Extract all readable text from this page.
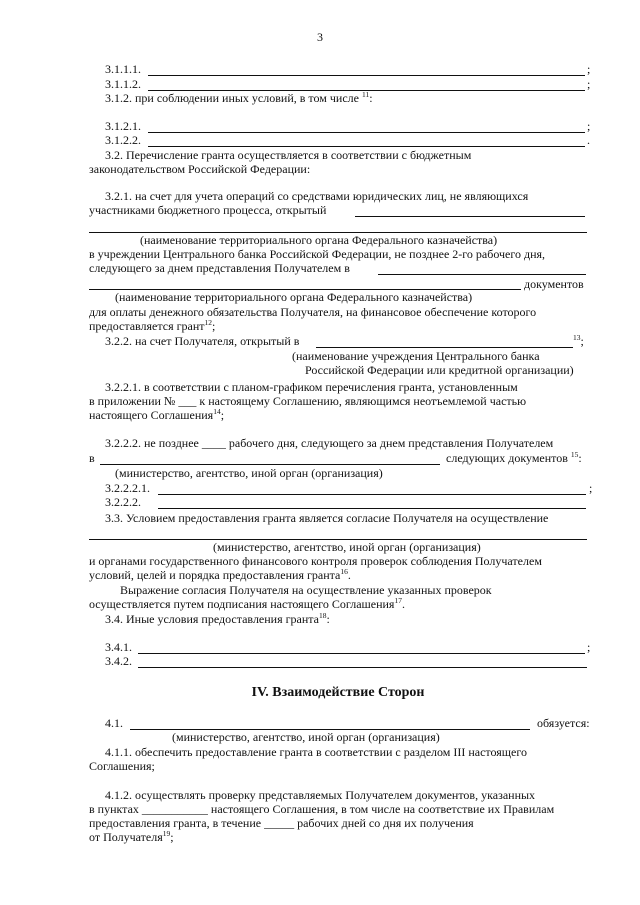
3
3.1.1.1.	;
3.1.1.2.	;
3.1.2. при соблюдении иных условий, в том числе $^{11}$:
3.1.2.1.	;
3.1.2.2.	.
3.2. Перечисление гранта осуществляется в соответствии с бюджетным
законодательством Российской Федерации:
3.2.1. на счет для учета операций со средствами юридических лиц, не являющихся
участниками бюджетного процесса, открытый
(наименование территориального органа Федерального казначейства)
в учреждении Центрального банка Российской Федерации, не позднее 2-го рабочего дня,
следующего за днем представления Получателем в
документов
(наименование территориального органа Федерального казначейства)
для оплаты денежного обязательства Получателя, на финансовое обеспечение которого
предоставляется грант$^{12}$;
3.2.2. на счет Получателя, открытый в	$^{13}$;
(наименование учреждения Центрального банка
Российской Федерации или кредитной организации)
3.2.2.1. в соответствии с планом-графиком перечисления гранта, установленным
в приложении № ___ к настоящему Соглашению, являющимся неотъемлемой частью
настоящего Соглашения$^{14}$;
3.2.2.2. не позднее ____ рабочего дня, следующего за днем представления Получателем
в	следующих документов $^{15}$:
(министерство, агентство, иной орган (организация)
3.2.2.2.1.	;
3.2.2.2.
3.3. Условием предоставления гранта является согласие Получателя на осуществление
(министерство, агентство, иной орган (организация)
и органами государственного финансового контроля проверок соблюдения Получателем
условий, целей и порядка предоставления гранта$^{16}$.
Выражение согласия Получателя на осуществление указанных проверок
осуществляется путем подписания настоящего Соглашения$^{17}$.
3.4. Иные условия предоставления гранта$^{18}$:
3.4.1.	;
3.4.2.
IV. Взаимодействие Сторон
4.1.	обязуется:
(министерство, агентство, иной орган (организация)
4.1.1. обеспечить предоставление гранта в соответствии с разделом III настоящего
Соглашения;
4.1.2. осуществлять проверку представляемых Получателем документов, указанных
в пунктах ___________ настоящего Соглашения, в том числе на соответствие их Правилам
предоставления гранта, в течение _____ рабочих дней со дня их получения
от Получателя$^{19}$;
